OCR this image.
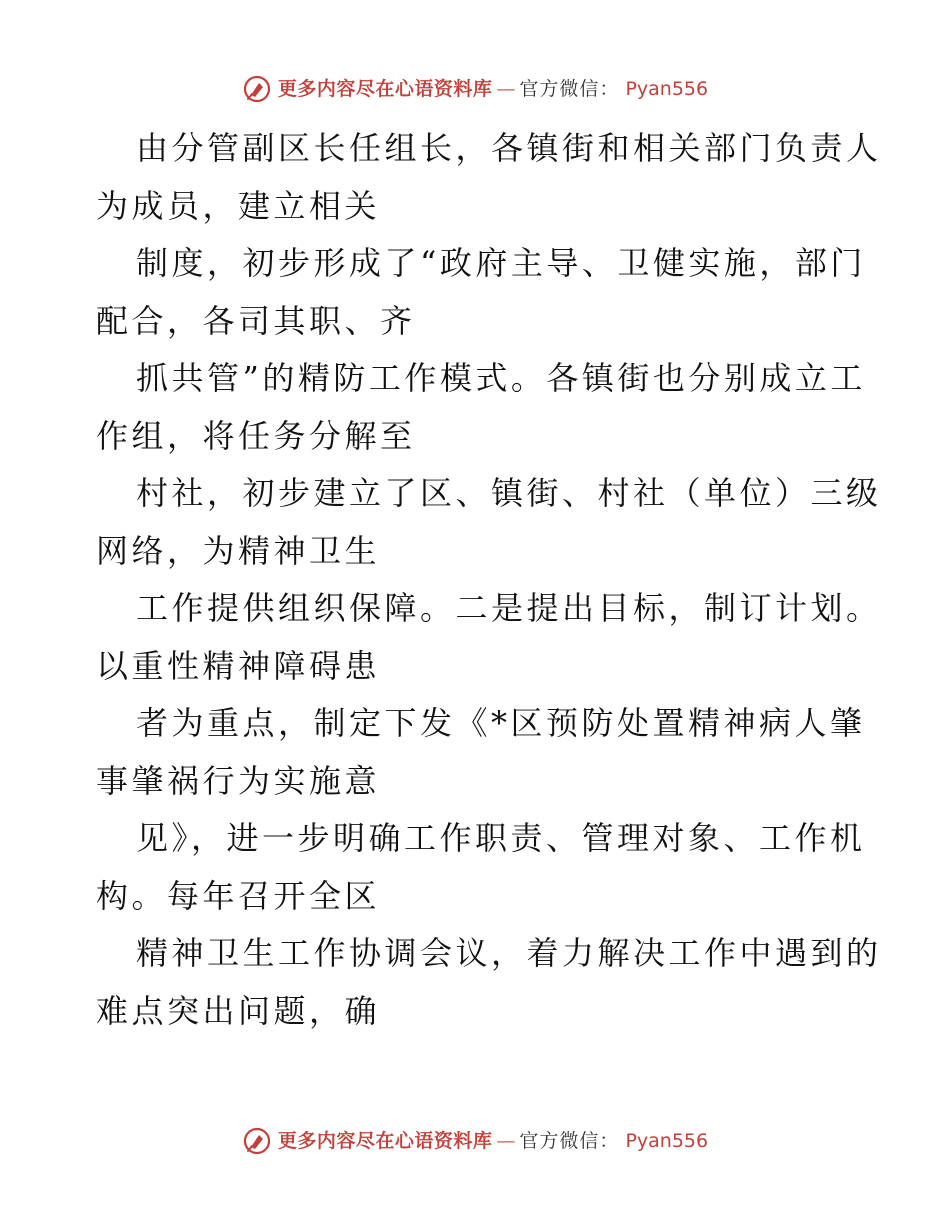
更多内容尽在心语资料库 — 官方微信： Pyan556
由分管副区长任组长，各镇街和相关部门负责人
为成员，建立相关
制度，初步形成了“政府主导、卫健实施，部门
配合，各司其职、齐
抓共管”的精防工作模式。各镇街也分别成立工
作组，将任务分解至
村社，初步建立了区、镇街、村社（单位）三级
网络，为精神卫生
工作提供组织保障。二是提出目标，制订计划。
以重性精神障碍患
者为重点，制定下发《*区预防处置精神病人肇
事肇祸行为实施意
见》，进一步明确工作职责、管理对象、工作机
构。每年召开全区
精神卫生工作协调会议，着力解决工作中遇到的
难点突出问题，确
更多内容尽在心语资料库 — 官方微信： Pyan556
